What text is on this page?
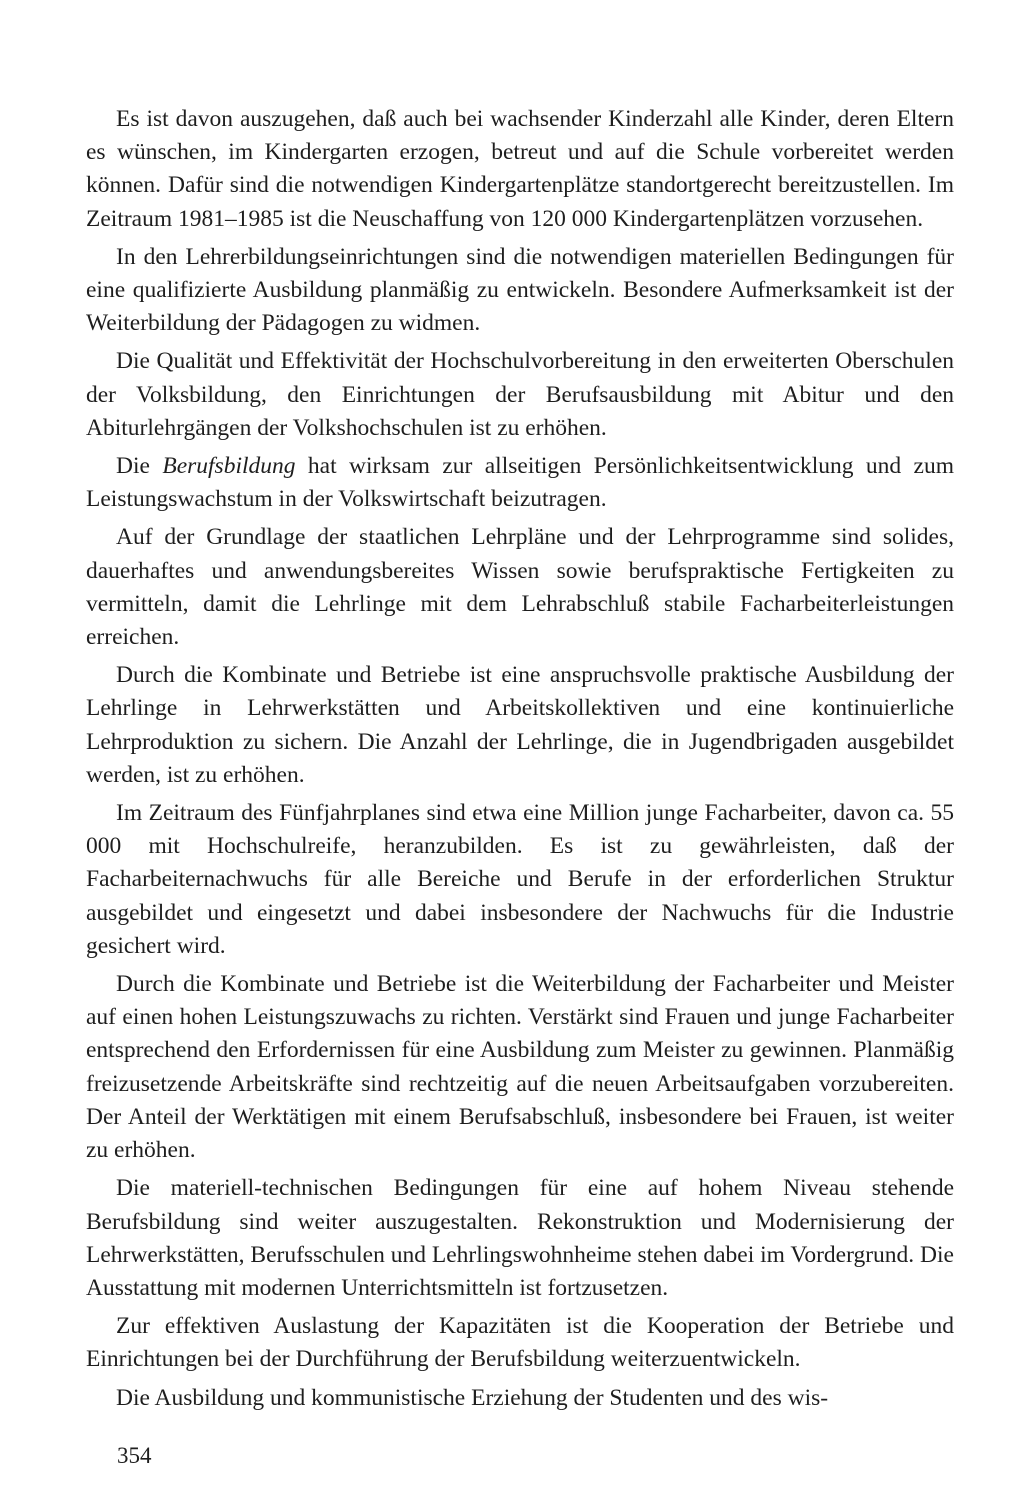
Es ist davon auszugehen, daß auch bei wachsender Kinderzahl alle Kinder, deren Eltern es wünschen, im Kindergarten erzogen, betreut und auf die Schule vorbereitet werden können. Dafür sind die notwendigen Kindergartenplätze standortgerecht bereitzustellen. Im Zeitraum 1981–1985 ist die Neuschaffung von 120 000 Kindergartenplätzen vorzusehen.

In den Lehrerbildungseinrichtungen sind die notwendigen materiellen Bedingungen für eine qualifizierte Ausbildung planmäßig zu entwickeln. Besondere Aufmerksamkeit ist der Weiterbildung der Pädagogen zu widmen.

Die Qualität und Effektivität der Hochschulvorbereitung in den erweiterten Oberschulen der Volksbildung, den Einrichtungen der Berufsausbildung mit Abitur und den Abiturlehrgängen der Volkshochschulen ist zu erhöhen.

Die Berufsbildung hat wirksam zur allseitigen Persönlichkeitsentwicklung und zum Leistungswachstum in der Volkswirtschaft beizutragen.

Auf der Grundlage der staatlichen Lehrpläne und der Lehrprogramme sind solides, dauerhaftes und anwendungsbereites Wissen sowie berufspraktische Fertigkeiten zu vermitteln, damit die Lehrlinge mit dem Lehrabschluß stabile Facharbeiterleistungen erreichen.

Durch die Kombinate und Betriebe ist eine anspruchsvolle praktische Ausbildung der Lehrlinge in Lehrwerkstätten und Arbeitskollektiven und eine kontinuierliche Lehrproduktion zu sichern. Die Anzahl der Lehrlinge, die in Jugendbrigaden ausgebildet werden, ist zu erhöhen.

Im Zeitraum des Fünfjahrplanes sind etwa eine Million junge Facharbeiter, davon ca. 55 000 mit Hochschulreife, heranzubilden. Es ist zu gewährleisten, daß der Facharbeiternachwuchs für alle Bereiche und Berufe in der erforderlichen Struktur ausgebildet und eingesetzt und dabei insbesondere der Nachwuchs für die Industrie gesichert wird.

Durch die Kombinate und Betriebe ist die Weiterbildung der Facharbeiter und Meister auf einen hohen Leistungszuwachs zu richten. Verstärkt sind Frauen und junge Facharbeiter entsprechend den Erfordernissen für eine Ausbildung zum Meister zu gewinnen. Planmäßig freizusetzende Arbeitskräfte sind rechtzeitig auf die neuen Arbeitsaufgaben vorzubereiten. Der Anteil der Werktätigen mit einem Berufsabschluß, insbesondere bei Frauen, ist weiter zu erhöhen.

Die materiell-technischen Bedingungen für eine auf hohem Niveau stehende Berufsbildung sind weiter auszugestalten. Rekonstruktion und Modernisierung der Lehrwerkstätten, Berufsschulen und Lehrlingswohnheime stehen dabei im Vordergrund. Die Ausstattung mit modernen Unterrichtsmitteln ist fortzusetzen.

Zur effektiven Auslastung der Kapazitäten ist die Kooperation der Betriebe und Einrichtungen bei der Durchführung der Berufsbildung weiterzuentwickeln.

Die Ausbildung und kommunistische Erziehung der Studenten und des wis-

354
